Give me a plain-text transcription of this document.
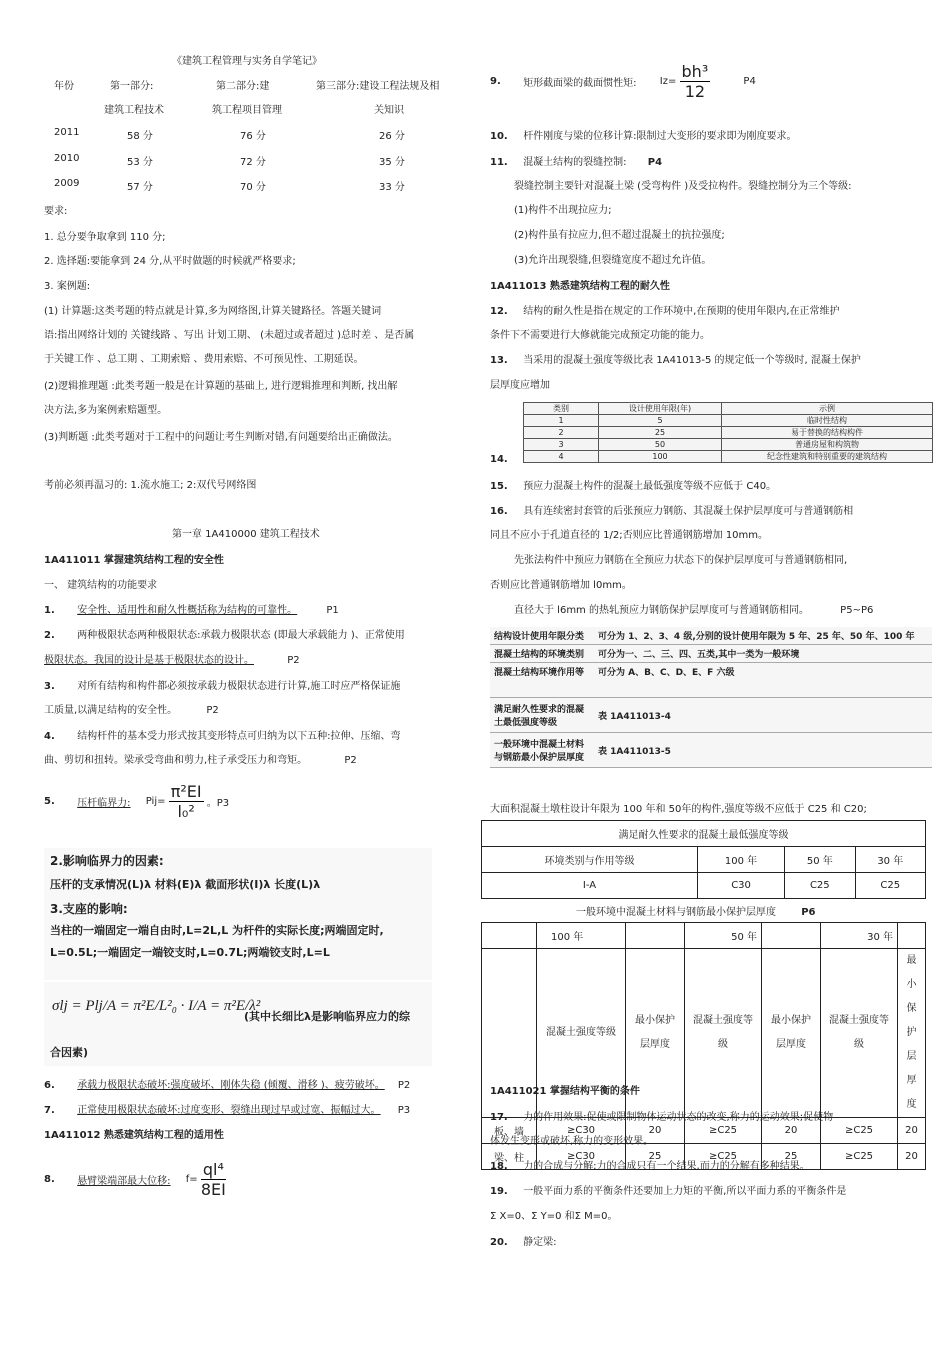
《建筑工程管理与实务自学笔记》
年份	第一部分:	第二部分:建	第三部分:建设工程法规及相
建筑工程技术	筑工程项目管理	关知识
2011	58 分	76 分	26 分
2010	53 分	72 分	35 分
2009	57 分	70 分	33 分
要求:
1. 总分要争取拿到 110 分;
2. 选择题:要能拿到 24 分,从平时做题的时候就严格要求;
3. 案例题:
(1) 计算题:这类考题的特点就是计算,多为网络图,计算关键路径。答题关键词
语:指出网络计划的 关键线路 、写出 计划工期、 (未超过或者超过 )总时差 、是否属
于关键工作 、总工期 、工期索赔 、费用索赔、不可预见性、工期延误。
(2)逻辑推理题 :此类考题一般是在计算题的基础上, 进行逻辑推理和判断, 找出解
决方法,多为案例索赔题型。
(3)判断题 :此类考题对于工程中的问题让考生判断对错,有问题要给出正确做法。
考前必须再温习的: 1.流水施工; 2:双代号网络图
第一章 1A410000 建筑工程技术
1A411011 掌握建筑结构工程的安全性
一、 建筑结构的功能要求
1. 安全性、适用性和耐久性概括称为结构的可靠性。	P1
2. 两种极限状态两种极限状态:承载力极限状态 (即最大承载能力 )、正常使用
极限状态。我国的设计是基于极限状态的设计。	P2
3. 对所有结构和构件都必须按承载力极限状态进行计算,施工时应严格保证施
工质量,以满足结构的安全性。	P2
4. 结构杆件的基本受力形式按其变形特点可归纳为以下五种:拉伸、压缩、弯
曲、剪切和扭转。梁承受弯曲和剪力,柱子承受压力和弯矩。	P2
5. 压杆临界力: $Pij= \frac{\text{π²EI}}{\text{l₀²}}$ 。P3
2.影响临界力的因素:
压杆的支承情况(L)λ 材料(E)λ 截面形状(I)λ 长度(L)λ
3.支座的影响:
当柱的一端固定一端自由时,L=2L,L 为杆件的实际长度;两端固定时,
L=0.5L;一端固定一端铰支时,L=0.7L;两端铰支时,L=L
σlj = Plj/A = π²E/L²₀ · I/A = π²E/λ²
(其中长细比λ是影响临界应力的综
合因素)
6. 承载力极限状态破坏:强度破坏、刚体失稳 (倾覆、滑移 )、疲劳破坏。 P2
7. 正常使用极限状态破坏:过度变形、裂缝出现过早或过宽、振幅过大。 P3
1A411012 熟悉建筑结构工程的适用性
8. 悬臂梁端部最大位移: $f= \frac{\text{ql⁴}}{8EI}$
9. 矩形截面梁的截面惯性矩: $Iz= \frac{\text{bh³}}{12}$	P4
10. 杆件刚度与梁的位移计算:限制过大变形的要求即为刚度要求。
11. 混凝土结构的裂缝控制: P4
裂缝控制主要针对混凝土梁 (受弯构件 )及受拉构件。裂缝控制分为三个等级:
(1)构件不出现拉应力;
(2)构件虽有拉应力,但不超过混凝土的抗拉强度;
(3)允许出现裂缝,但裂缝宽度不超过允许值。
1A411013 熟悉建筑结构工程的耐久性
12. 结构的耐久性是指在规定的工作环境中,在预期的使用年限内,在正常维护
条件下不需要进行大修就能完成预定功能的能力。
13. 当采用的混凝土强度等级比表 1A41013-5 的规定低一个等级时, 混凝土保护
层厚度应增加
类别	设计使用年限(年)	示例
1	5	临时性结构
2	25	易于替换的结构构件
3	50	普通房屋和构筑物
4	100	纪念性建筑和特别重要的建筑结构
14.
15. 预应力混凝土构件的混凝土最低强度等级不应低于 C40。
16. 具有连续密封套管的后张预应力钢筋、其混凝土保护层厚度可与普通钢筋相
同且不应小于孔道直径的 1/2;否则应比普通钢筋增加 10mm。
先张法构件中预应力钢筋在全预应力状态下的保护层厚度可与普通钢筋相同,
否则应比普通钢筋增加 l0mm。
直径大于 l6mm 的热轧预应力钢筋保护层厚度可与普通钢筋相同。	P5~P6
结构设计使用年限分类	可分为 1、2、3、4 级,分别的设计使用年限为 5 年、25 年、50 年、100 年
混凝土结构的环境类别	可分为一、二、三、四、五类,其中一类为一般环境
混凝土结构环境作用等	可分为 A、B、C、D、E、F 六级
满足耐久性要求的混凝土最低强度等级	表 1A411013-4
一般环境中混凝土材料与钢筋最小保护层厚度	表 1A411013-5
大面积混凝土墩柱设计年限为 100 年和 50年的构件,强度等级不应低于 C25 和 C20;
满足耐久性要求的混凝土最低强度等级			
环境类别与作用等级	100 年	50 年	30 年
I-A	C30	C25	C25
一般环境中混凝土材料与钢筋最小保护层厚度	P6
	100 年		50 年		30 年	
	混凝土强度等级	最小保护层厚度	混凝土强度等级	最小保护层厚度	混凝土强度等级	最小保护层厚度
板、墙	≥C30	20	≥C25	20	≥C25	20
梁、柱	≥C30	25	≥C25	25	≥C25	20
1A411021 掌握结构平衡的条件
17. 力的作用效果:促使或限制物体运动状态的改变,称力的运动效果;促使物
体发生变形或破坏,称力的变形效果。
18. 力的合成与分解:力的合成只有一个结果,而力的分解有多种结果。
19. 一般平面力系的平衡条件还要加上力矩的平衡,所以平面力系的平衡条件是
Σ X=0、Σ Y=0 和Σ M=0。
20. 静定梁:
